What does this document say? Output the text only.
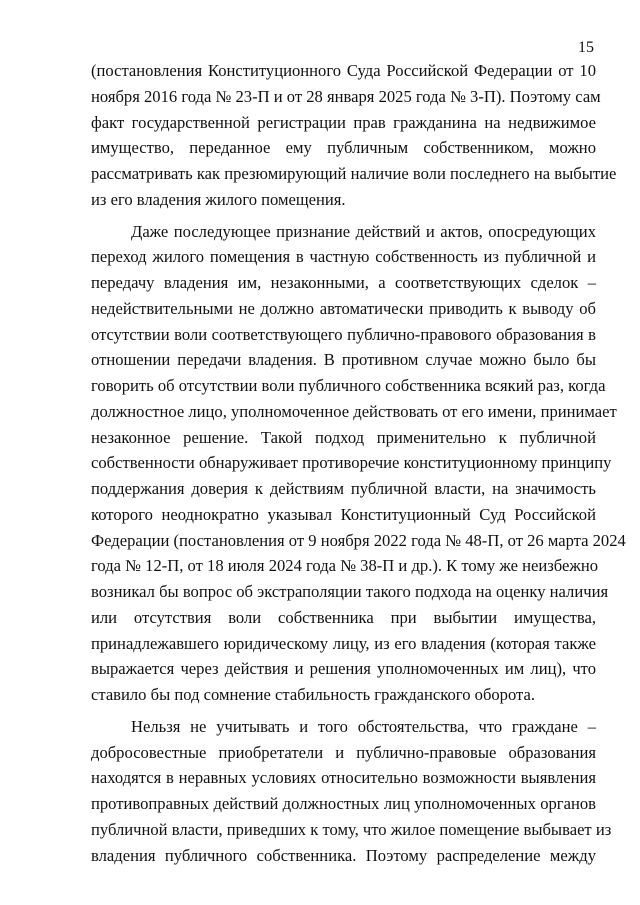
15
(постановления Конституционного Суда Российской Федерации от 10
ноября 2016 года № 23-П и от 28 января 2025 года № 3-П). Поэтому сам
факт государственной регистрации прав гражданина на недвижимое
имущество, переданное ему публичным собственником, можно
рассматривать как презюмирующий наличие воли последнего на выбытие
из его владения жилого помещения.
Даже последующее признание действий и актов, опосредующих
переход жилого помещения в частную собственность из публичной и
передачу владения им, незаконными, а соответствующих сделок –
недействительными не должно автоматически приводить к выводу об
отсутствии воли соответствующего публично-правового образования в
отношении передачи владения. В противном случае можно было бы
говорить об отсутствии воли публичного собственника всякий раз, когда
должностное лицо, уполномоченное действовать от его имени, принимает
незаконное решение. Такой подход применительно к публичной
собственности обнаруживает противоречие конституционному принципу
поддержания доверия к действиям публичной власти, на значимость
которого неоднократно указывал Конституционный Суд Российской
Федерации (постановления от 9 ноября 2022 года № 48-П, от 26 марта 2024
года № 12-П, от 18 июля 2024 года № 38-П и др.). К тому же неизбежно
возникал бы вопрос об экстраполяции такого подхода на оценку наличия
или отсутствия воли собственника при выбытии имущества,
принадлежавшего юридическому лицу, из его владения (которая также
выражается через действия и решения уполномоченных им лиц), что
ставило бы под сомнение стабильность гражданского оборота.
Нельзя не учитывать и того обстоятельства, что граждане –
добросовестные приобретатели и публично-правовые образования
находятся в неравных условиях относительно возможности выявления
противоправных действий должностных лиц уполномоченных органов
публичной власти, приведших к тому, что жилое помещение выбывает из
владения публичного собственника. Поэтому распределение между
